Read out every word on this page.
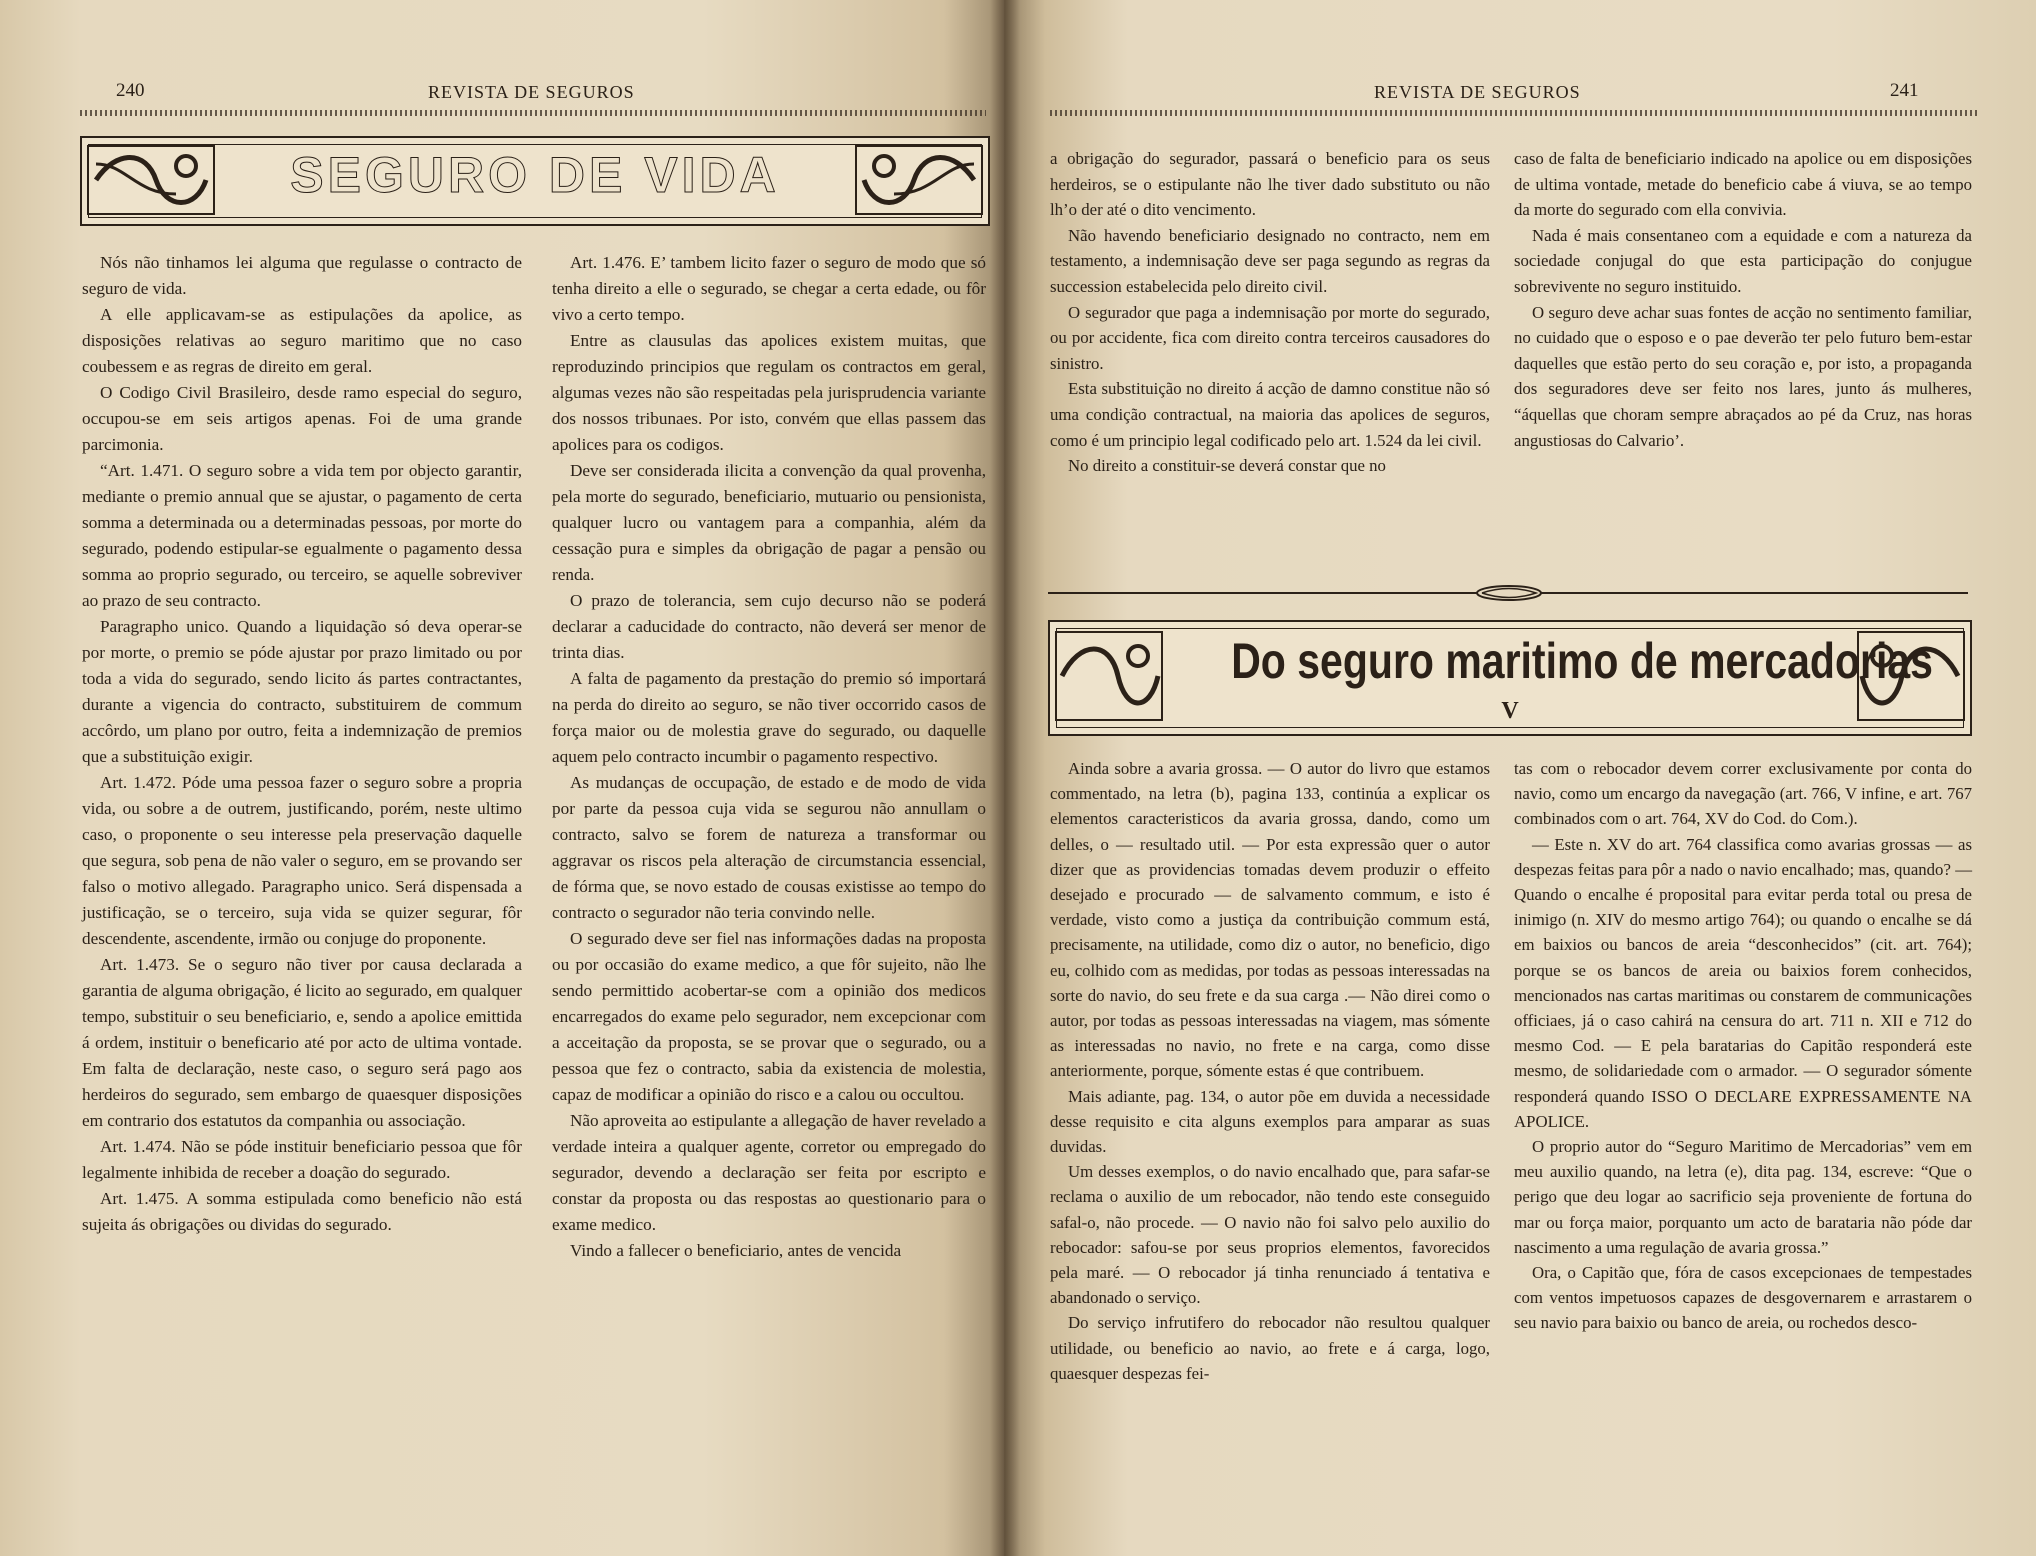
240	REVISTA DE SEGUROS
SEGURO DE VIDA

Nós não tinhamos lei alguma que regulasse o contracto de seguro de vida.

A elle applicavam-se as estipulações da apolice, as disposições relativas ao seguro maritimo que no caso coubessem e as regras de direito em geral.

O Codigo Civil Brasileiro, desde ramo especial do seguro, occupou-se em seis artigos apenas. Foi de uma grande parcimonia.

“Art. 1.471. O seguro sobre a vida tem por objecto garantir, mediante o premio annual que se ajustar, o pagamento de certa somma a determinada ou a determinadas pessoas, por morte do segurado, podendo estipular-se egualmente o pagamento dessa somma ao proprio segurado, ou terceiro, se aquelle sobreviver ao prazo de seu contracto.

Paragrapho unico. Quando a liquidação só deva operar-se por morte, o premio se póde ajustar por prazo limitado ou por toda a vida do segurado, sendo licito ás partes contractantes, durante a vigencia do contracto, substituirem de commum accôrdo, um plano por outro, feita a indemnização de premios que a substituição exigir.

Art. 1.472. Póde uma pessoa fazer o seguro sobre a propria vida, ou sobre a de outrem, justificando, porém, neste ultimo caso, o proponente o seu interesse pela preservação daquelle que segura, sob pena de não valer o seguro, em se provando ser falso o motivo allegado. Paragrapho unico. Será dispensada a justificação, se o terceiro, suja vida se quizer segurar, fôr descendente, ascendente, irmão ou conjuge do proponente.

Art. 1.473. Se o seguro não tiver por causa declarada a garantia de alguma obrigação, é licito ao segurado, em qualquer tempo, substituir o seu beneficiario, e, sendo a apolice emittida á ordem, instituir o beneficario até por acto de ultima vontade. Em falta de declaração, neste caso, o seguro será pago aos herdeiros do segurado, sem embargo de quaesquer disposições em contrario dos estatutos da companhia ou associação.

Art. 1.474. Não se póde instituir beneficiario pessoa que fôr legalmente inhibida de receber a doação do segurado.

Art. 1.475. A somma estipulada como beneficio não está sujeita ás obrigações ou dividas do segurado.

Art. 1.476. E’ tambem licito fazer o seguro de modo que só tenha direito a elle o segurado, se chegar a certa edade, ou fôr vivo a certo tempo.

Entre as clausulas das apolices existem muitas, que reproduzindo principios que regulam os contractos em geral, algumas vezes não são respeitadas pela jurisprudencia variante dos nossos tribunaes. Por isto, convém que ellas passem das apolices para os codigos.

Deve ser considerada ilicita a convenção da qual provenha, pela morte do segurado, beneficiario, mutuario ou pensionista, qualquer lucro ou vantagem para a companhia, além da cessação pura e simples da obrigação de pagar a pensão ou renda.

O prazo de tolerancia, sem cujo decurso não se poderá declarar a caducidade do contracto, não deverá ser menor de trinta dias.

A falta de pagamento da prestação do premio só importará na perda do direito ao seguro, se não tiver occorrido casos de força maior ou de molestia grave do segurado, ou daquelle aquem pelo contracto incumbir o pagamento respectivo.

As mudanças de occupação, de estado e de modo de vida por parte da pessoa cuja vida se segurou não annullam o contracto, salvo se forem de natureza a transformar ou aggravar os riscos pela alteração de circumstancia essencial, de fórma que, se novo estado de cousas existisse ao tempo do contracto o segurador não teria convindo nelle.

O segurado deve ser fiel nas informações dadas na proposta ou por occasião do exame medico, a que fôr sujeito, não lhe sendo permittido acobertar-se com a opinião dos medicos encarregados do exame pelo segurador, nem excepcionar com a acceitação da proposta, se se provar que o segurado, ou a pessoa que fez o contracto, sabia da existencia de molestia, capaz de modificar a opinião do risco e a calou ou occultou.

Não aproveita ao estipulante a allegação de haver revelado a verdade inteira a qualquer agente, corretor ou empregado do segurador, devendo a declaração ser feita por escripto e constar da proposta ou das respostas ao questionario para o exame medico.

Vindo a fallecer o beneficiario, antes de vencida

241
REVISTA DE SEGUROS

a obrigação do segurador, passará o beneficio para os seus herdeiros, se o estipulante não lhe tiver dado substituto ou não lh’o der até o dito vencimento.

Não havendo beneficiario designado no contracto, nem em testamento, a indemnisação deve ser paga segundo as regras da succession estabelecida pelo direito civil.

O segurador que paga a indemnisação por morte do segurado, ou por accidente, fica com direito contra terceiros causadores do sinistro.

Esta substituição no direito á acção de damno constitue não só uma condição contractual, na maioria das apolices de seguros, como é um principio legal codificado pelo art. 1.524 da lei civil.

No direito a constituir-se deverá constar que no

caso de falta de beneficiario indicado na apolice ou em disposições de ultima vontade, metade do beneficio cabe á viuva, se ao tempo da morte do segurado com ella convivia.

Nada é mais consentaneo com a equidade e com a natureza da sociedade conjugal do que esta participação do conjugue sobrevivente no seguro instituido.

O seguro deve achar suas fontes de acção no sentimento familiar, no cuidado que o esposo e o pae deverão ter pelo futuro bem-estar daquelles que estão perto do seu coração e, por isto, a propaganda dos seguradores deve ser feito nos lares, junto ás mulheres, “áquellas que choram sempre abraçados ao pé da Cruz, nas horas angustiosas do Calvario’.

Do seguro maritimo de mercadorias
V

Ainda sobre a avaria grossa. — O autor do livro que estamos commentado, na letra (b), pagina 133, continúa a explicar os elementos caracteristicos da avaria grossa, dando, como um delles, o — resultado util. — Por esta expressão quer o autor dizer que as providencias tomadas devem produzir o effeito desejado e procurado — de salvamento commum, e isto é verdade, visto como a justiça da contribuição commum está, precisamente, na utilidade, como diz o autor, no beneficio, digo eu, colhido com as medidas, por todas as pessoas interessadas na sorte do navio, do seu frete e da sua carga .— Não direi como o autor, por todas as pessoas interessadas na viagem, mas sómente as interessadas no navio, no frete e na carga, como disse anteriormente, porque, sómente estas é que contribuem.

Mais adiante, pag. 134, o autor põe em duvida a necessidade desse requisito e cita alguns exemplos para amparar as suas duvidas.

Um desses exemplos, o do navio encalhado que, para safar-se reclama o auxilio de um rebocador, não tendo este conseguido safal-o, não procede. — O navio não foi salvo pelo auxilio do rebocador: safou-se por seus proprios elementos, favorecidos pela maré. — O rebocador já tinha renunciado á tentativa e abandonado o serviço.

Do serviço infrutifero do rebocador não resultou qualquer utilidade, ou beneficio ao navio, ao frete e á carga, logo, quaesquer despezas fei-

tas com o rebocador devem correr exclusivamente por conta do navio, como um encargo da navegação (art. 766, V infine, e art. 767 combinados com o art. 764, XV do Cod. do Com.).

— Este n. XV do art. 764 classifica como avarias grossas — as despezas feitas para pôr a nado o navio encalhado; mas, quando? — Quando o encalhe é proposital para evitar perda total ou presa de inimigo (n. XIV do mesmo artigo 764); ou quando o encalhe se dá em baixios ou bancos de areia “desconhecidos” (cit. art. 764); porque se os bancos de areia ou baixios forem conhecidos, mencionados nas cartas maritimas ou constarem de communicações officiaes, já o caso cahirá na censura do art. 711 n. XII e 712 do mesmo Cod. — E pela baratarias do Capitão responderá este mesmo, de solidariedade com o armador. — O segurador sómente responderá quando ISSO O DECLARE EXPRESSAMENTE NA APOLICE.

O proprio autor do “Seguro Maritimo de Mercadorias” vem em meu auxilio quando, na letra (e), dita pag. 134, escreve: “Que o perigo que deu logar ao sacrificio seja proveniente de fortuna do mar ou força maior, porquanto um acto de barataria não póde dar nascimento a uma regulação de avaria grossa.”

Ora, o Capitão que, fóra de casos excepcionaes de tempestades com ventos impetuosos capazes de desgovernarem e arrastarem o seu navio para baixio ou banco de areia, ou rochedos desco-
